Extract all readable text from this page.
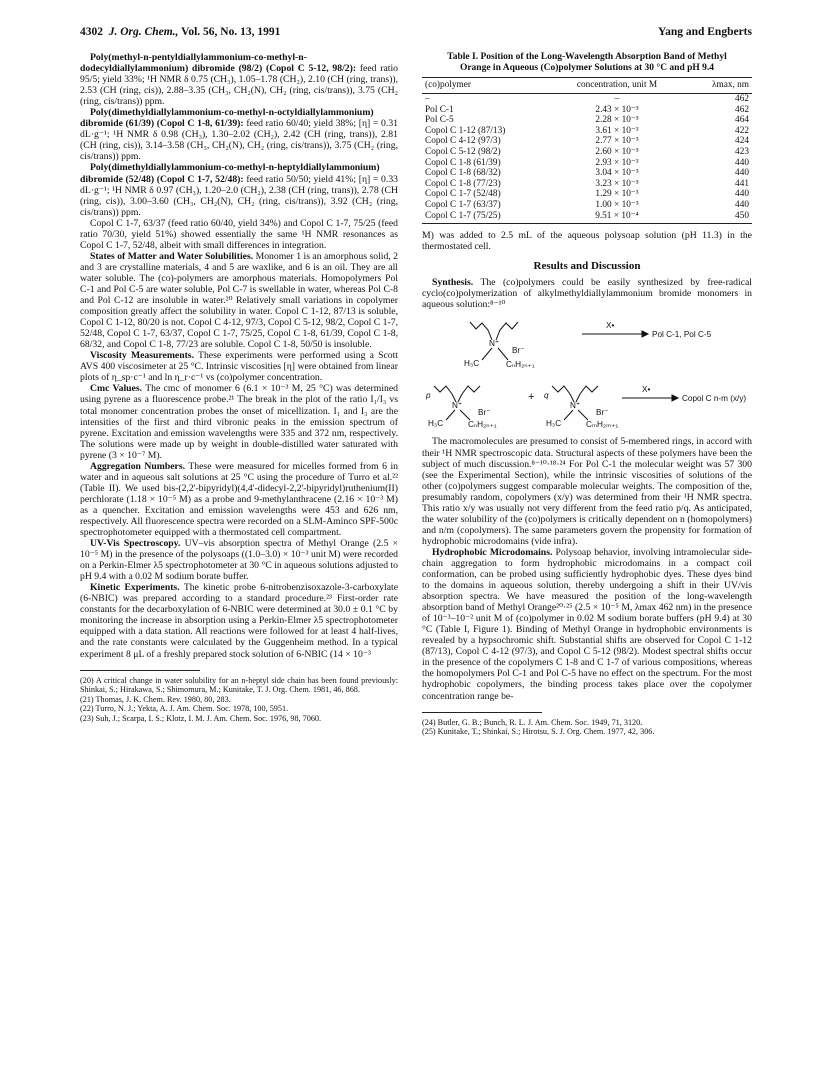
4302 J. Org. Chem., Vol. 56, No. 13, 1991	Yang and Engberts

Poly(methyl-n-pentyldiallylammonium-co-methyl-n-dodecyldiallylammonium) dibromide (98/2) (Copol C 5-12, 98/2): feed ratio 95/5; yield 33%; ¹H NMR δ 0.75 (CH₃), 1.05–1.78 (CH₂), 2.10 (CH (ring, trans)), 2.53 (CH (ring, cis)), 2.88–3.35 (CH₃, CH₂(N), CH₂ (ring, cis/trans)), 3.75 (CH₂ (ring, cis/trans)) ppm.

Poly(dimethyldiallylammonium-co-methyl-n-octyldiallylammonium) dibromide (61/39) (Copol C 1-8, 61/39): feed ratio 60/40; yield 38%; [η] = 0.31 dL·g⁻¹; ¹H NMR δ 0.98 (CH₃), 1.30–2.02 (CH₂), 2.42 (CH (ring, trans)), 2.81 (CH (ring, cis)), 3.14–3.58 (CH₃, CH₂(N), CH₂ (ring, cis/trans)), 3.75 (CH₂ (ring, cis/trans)) ppm.

Poly(dimethyldiallylammonium-co-methyl-n-heptyldiallylammonium) dibromide (52/48) (Copol C 1-7, 52/48): feed ratio 50/50; yield 41%; [η] = 0.33 dL·g⁻¹; ¹H NMR δ 0.97 (CH₃), 1.20–2.0 (CH₂), 2.38 (CH (ring, trans)), 2.78 (CH (ring, cis)), 3.00–3.60 (CH₃, CH₂(N), CH₂ (ring, cis/trans)), 3.92 (CH₂ (ring, cis/trans)) ppm.

Copol C 1-7, 63/37 (feed ratio 60/40, yield 34%) and Copol C 1-7, 75/25 (feed ratio 70/30, yield 51%) showed essentially the same ¹H NMR resonances as Copol C 1-7, 52/48, albeit with small differences in integration.

States of Matter and Water Solubilities. Monomer 1 is an amorphous solid, 2 and 3 are crystalline materials, 4 and 5 are waxlike, and 6 is an oil. They are all water soluble. The (co)-polymers are amorphous materials. Homopolymers Pol C-1 and Pol C-5 are water soluble, Pol C-7 is swellable in water, whereas Pol C-8 and Pol C-12 are insoluble in water.²⁰ Relatively small variations in copolymer composition greatly affect the solubility in water. Copol C 1-12, 87/13 is soluble, Copol C 1-12, 80/20 is not. Copol C 4-12, 97/3, Copol C 5-12, 98/2, Copol C 1-7, 52/48, Copol C 1-7, 63/37, Copol C 1-7, 75/25, Copol C 1-8, 61/39, Copol C 1-8, 68/32, and Copol C 1-8, 77/23 are soluble. Copol C 1-8, 50/50 is insoluble.

Viscosity Measurements. These experiments were performed using a Scott AVS 400 viscosimeter at 25 °C. Intrinsic viscosities [η] were obtained from linear plots of η_sp·c⁻¹ and ln η_r·c⁻¹ vs (co)polymer concentration.

Cmc Values. The cmc of monomer 6 (6.1 × 10⁻³ M, 25 °C) was determined using pyrene as a fluorescence probe.²¹ The break in the plot of the ratio I₁/I₃ vs total monomer concentration probes the onset of micellization. I₁ and I₃ are the intensities of the first and third vibronic peaks in the emission spectrum of pyrene. Excitation and emission wavelengths were 335 and 372 nm, respectively. The solutions were made up by weight in double-distilled water saturated with pyrene (3 × 10⁻⁷ M).

Aggregation Numbers. These were measured for micelles formed from 6 in water and in aqueous salt solutions at 25 °C using the procedure of Turro et al.²² (Table II). We used bis-(2,2'-bipyridyl)(4,4'-didecyl-2,2'-bipyridyl)ruthenium(II) perchlorate (1.18 × 10⁻⁵ M) as a probe and 9-methylanthracene (2.16 × 10⁻³ M) as a quencher. Excitation and emission wavelengths were 453 and 626 nm, respectively. All fluorescence spectra were recorded on a SLM-Aminco SPF-500c spectrophotometer equipped with a thermostated cell compartment.

UV-Vis Spectroscopy. UV–vis absorption spectra of Methyl Orange (2.5 × 10⁻⁵ M) in the presence of the polysoaps ((1.0–3.0) × 10⁻³ unit M) were recorded on a Perkin-Elmer λ5 spectrophotometer at 30 °C in aqueous solutions adjusted to pH 9.4 with a 0.02 M sodium borate buffer.

Kinetic Experiments. The kinetic probe 6-nitrobenzisoxazole-3-carboxylate (6-NBIC) was prepared according to a standard procedure.²³ First-order rate constants for the decarboxylation of 6-NBIC were determined at 30.0 ± 0.1 °C by monitoring the increase in absorption using a Perkin-Elmer λ5 spectrophotometer equipped with a data station. All reactions were followed for at least 4 half-lives, and the rate constants were calculated by the Guggenheim method. In a typical experiment 8 μL of a freshly prepared stock solution of 6-NBIC (14 × 10⁻³

(20) A critical change in water solubility for an n-heptyl side chain has been found previously: Shinkai, S.; Hirakawa, S.; Shimomura, M.; Kunitake, T. J. Org. Chem. 1981, 46, 868.

(21) Thomas, J. K. Chem. Rev. 1980, 80, 283.

(22) Turro, N. J.; Yekta, A. J. Am. Chem. Soc. 1978, 100, 5951.

(23) Suh, J.; Scarpa, I. S.; Klotz, I. M. J. Am. Chem. Soc. 1976, 98, 7060.

Table I. Position of the Long-Wavelength Absorption Band of Methyl Orange in Aqueous (Co)polymer Solutions at 30 °C and pH 9.4
(co)polymer	concentration, unit M	λmax, nm
–	–	462
Pol C-1	2.43 × 10⁻³	462
Pol C-5	2.28 × 10⁻³	464
Copol C 1-12 (87/13)	3.61 × 10⁻³	422
Copol C 4-12 (97/3)	2.77 × 10⁻³	424
Copol C 5-12 (98/2)	2.60 × 10⁻³	423
Copol C 1-8 (61/39)	2.93 × 10⁻³	440
Copol C 1-8 (68/32)	3.04 × 10⁻³	440
Copol C 1-8 (77/23)	3.23 × 10⁻³	441
Copol C 1-7 (52/48)	1.29 × 10⁻³	440
Copol C 1-7 (63/37)	1.00 × 10⁻³	440
Copol C 1-7 (75/25)	9.51 × 10⁻⁴	450

M) was added to 2.5 mL of the aqueous polysoap solution (pH 11.3) in the thermostated cell.

Results and Discussion

Synthesis. The (co)polymers could be easily synthesized by free-radical cyclo(co)polymerization of alkylmethyldiallylammonium bromide monomers in aqueous solution:⁸⁻¹⁰

N⁺
Br⁻
H₃C	CₙH₂ₙ₊₁
X•
Pol C-1, Pol C-5
p
N⁺
Br⁻
H₃C	CₙH₂ₙ₊₁
+ q
N⁺
Br⁻
H₃C	CₘH₂ₘ₊₁
X•
Copol C n-m (x/y)

The macromolecules are presumed to consist of 5-membered rings, in accord with their ¹H NMR spectroscopic data. Structural aspects of these polymers have been the subject of much discussion.⁸⁻¹⁰·¹⁸·²⁴ For Pol C-1 the molecular weight was 57 300 (see the Experimental Section), while the intrinsic viscosities of solutions of the other (co)polymers suggest comparable molecular weights. The composition of the, presumably random, copolymers (x/y) was determined from their ¹H NMR spectra. This ratio x/y was usually not very different from the feed ratio p/q. As anticipated, the water solubility of the (co)polymers is critically dependent on n (homopolymers) and n/m (copolymers). The same parameters govern the propensity for formation of hydrophobic microdomains (vide infra).

Hydrophobic Microdomains. Polysoap behavior, involving intramolecular side-chain aggregation to form hydrophobic microdomains in a compact coil conformation, can be probed using sufficiently hydrophobic dyes. These dyes bind to the domains in aqueous solution, thereby undergoing a shift in their UV/vis absorption spectra. We have measured the position of the long-wavelength absorption band of Methyl Orange²⁰·²⁵ (2.5 × 10⁻⁵ M, λmax 462 nm) in the presence of 10⁻³–10⁻² unit M of (co)polymer in 0.02 M sodium borate buffers (pH 9.4) at 30 °C (Table I, Figure 1). Binding of Methyl Orange in hydrophobic environments is revealed by a hypsochromic shift. Substantial shifts are observed for Copol C 1-12 (87/13), Copol C 4-12 (97/3), and Copol C 5-12 (98/2). Modest spectral shifts occur in the presence of the copolymers C 1-8 and C 1-7 of various compositions, whereas the homopolymers Pol C-1 and Pol C-5 have no effect on the spectrum. For the most hydrophobic copolymers, the binding process takes place over the copolymer concentration range be-

(24) Butler, G. B.; Bunch, R. L. J. Am. Chem. Soc. 1949, 71, 3120.

(25) Kunitake, T.; Shinkai, S.; Hirotsu, S. J. Org. Chem. 1977, 42, 306.
